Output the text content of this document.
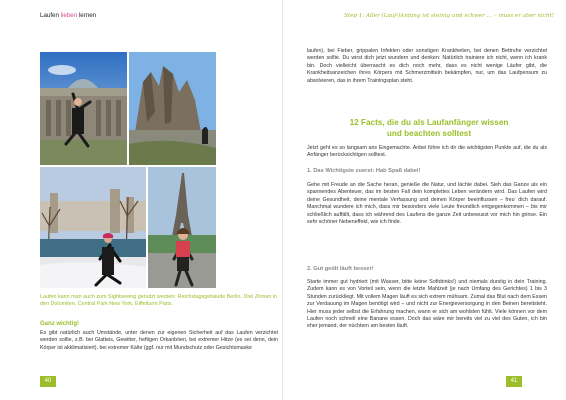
Laufen lieben lernen
Laufen kann man auch zum Sightseeing genutzt werden: Reichstagsgebäude Berlin, Drei Zinnen in den Dolomiten, Central Park New York, Eiffelturm Paris.
Ganz wichtig!

Es gibt natürlich auch Umstände, unter denen zur eigenen Sicherheit auf das Laufen verzichtet werden sollte, z.B. bei Glatteis, Gewitter, heftigen Orkanböen, bei extremer Hitze (es sei denn, dein Körper ist akklimatisiert), bei extremer Kälte (ggf. nur mit Mundschutz oder Gesichtsmaske

40
Step 1: Aller (Lauf-)Anfang ist steinig und schwer … – muss er aber nicht!

laufen), bei Fieber, grippalen Infekten oder sonstigen Krankheiten, bei denen Bettruhe verzichtet werden sollte. Du wirst dich jetzt wundern und denken: Natürlich trainiere ich nicht, wenn ich krank bin. Doch vielleicht überrascht es dich noch mehr, dass es nicht wenige Läufer gibt, die Krankheitsanzeichen ihres Körpers mit Schmerzmitteln bekämpfen, nur, um das Laufpensum zu absolvieren, das in ihrem Trainingsplan steht.

12 Facts, die du als Laufanfänger wissen
und beachten solltest

Jetzt geht es so langsam ans Eingemachte. Anbei führe ich dir die wichtigsten Punkte auf, die du als Anfänger berücksichtigen solltest.

1. Das Wichtigste zuerst: Hab Spaß dabei!

Gehe mit Freude an die Sache heran, genieße die Natur, und lächle dabei. Sieh das Ganze als ein spannendes Abenteuer, das im besten Fall dein komplettes Leben verändern wird. Das Laufen wird deine Gesundheit, deine mentale Verfassung und deinen Körper beeinflussen – freu‘ dich darauf. Manchmal wundere ich mich, dass mir besonders viele Leute freundlich entgegenkommen – bis mir schließlich auffällt, dass ich während des Laufens die ganze Zeit unbewusst vor mich hin grinse. Ein sehr schöner Nebeneffekt, wie ich finde.

2. Gut geölt läuft besser!

Starte immer gut hydriert (mit Wasser, bitte keine Softdrinks!) und niemals durstig in dein Training. Zudem kann es von Vorteil sein, wenn die letzte Mahlzeit (je nach Umfang des Gerichtes) 1 bis 3 Stunden zurückliegt. Mit vollem Magen läuft es sich extrem mühsam. Zumal das Blut nach dem Essen zur Verdauung im Magen benötigt wird – und nicht zur Energieversorgung in den Beinen bereitsteht. Hier muss jeder selbst die Erfahrung machen, wann er sich am wohlsten fühlt. Viele können vor dem Laufen noch schnell eine Banane essen. Doch das wäre mir bereits viel zu viel des Guten, ich bin eher jemand, der nüchtern am besten läuft.

41
